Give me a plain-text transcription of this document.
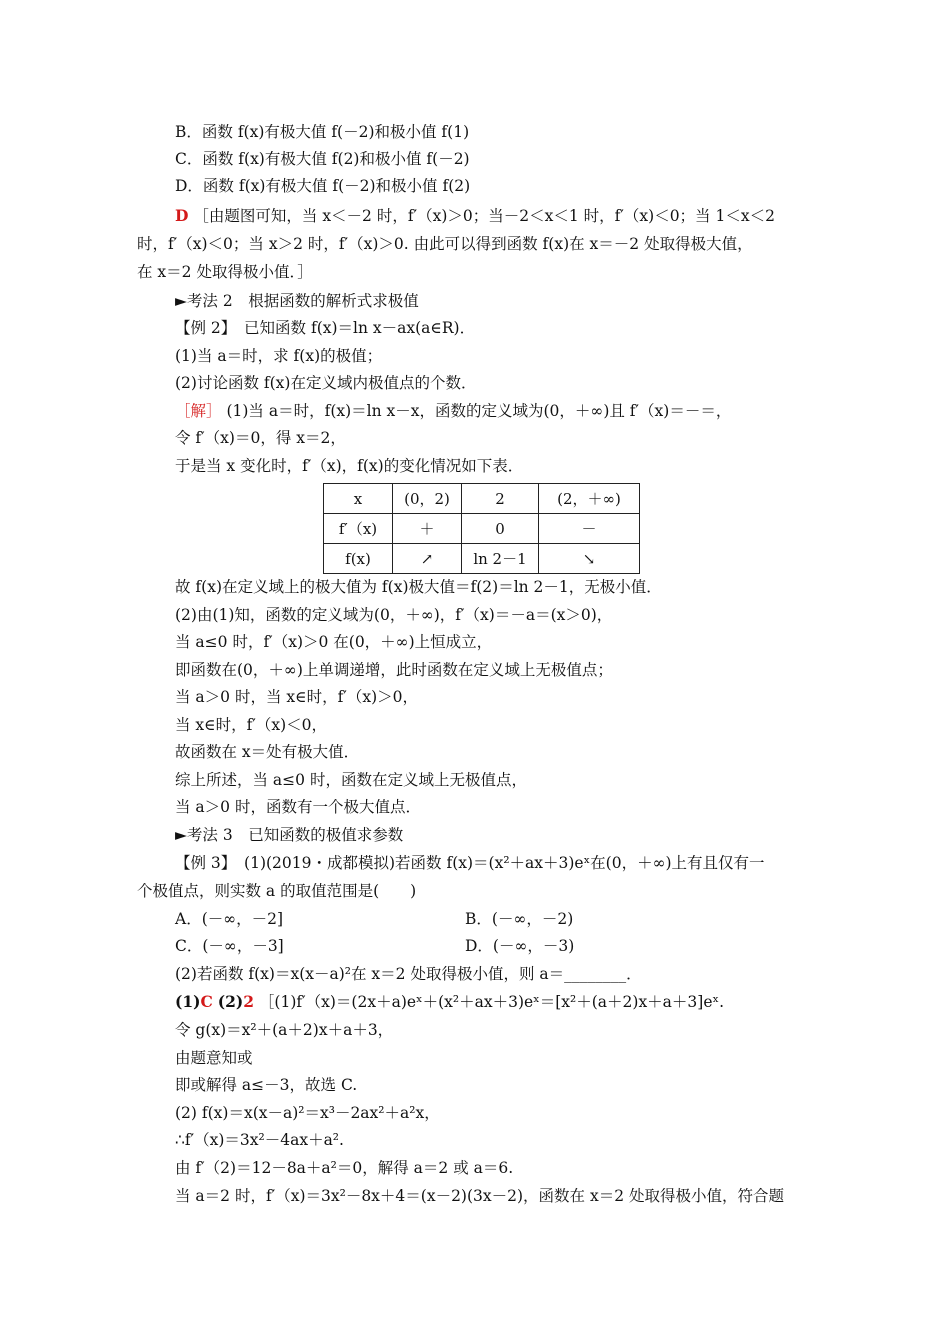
B．函数 f(x)有极大值 f(－2)和极小值 f(1)
C．函数 f(x)有极大值 f(2)和极小值 f(－2)
D．函数 f(x)有极大值 f(－2)和极小值 f(2)
D ［由题图可知，当 x＜－2 时，f′（x)＞0；当－2＜x＜1 时，f′（x)＜0；当 1＜x＜2
时，f′（x)＜0；当 x＞2 时，f′（x)＞0. 由此可以得到函数 f(x)在 x＝－2 处取得极大值，
在 x＝2 处取得极小值．］
►考法 2　根据函数的解析式求极值
【例 2】　已知函数 f(x)＝ln x－ax(a∈R)．
(1)当 a＝时，求 f(x)的极值；
(2)讨论函数 f(x)在定义域内极值点的个数．
［解］ (1)当 a＝时，f(x)＝ln x－x，函数的定义域为(0，＋∞)且 f′（x)＝－＝，
令 f′（x)＝0，得 x＝2，
于是当 x 变化时，f′（x)，f(x)的变化情况如下表．
x	(0，2)	2	(2，＋∞)
f′（x)	＋	0	－
f(x)	↗	ln 2－1	↘
故 f(x)在定义域上的极大值为 f(x)极大值＝f(2)＝ln 2－1，无极小值．
(2)由(1)知，函数的定义域为(0，＋∞)，f′（x)＝－a＝(x＞0)，
当 a≤0 时，f′（x)＞0 在(0，＋∞)上恒成立，
即函数在(0，＋∞)上单调递增，此时函数在定义域上无极值点；
当 a＞0 时，当 x∈时，f′（x)＞0，
当 x∈时，f′（x)＜0，
故函数在 x＝处有极大值．
综上所述，当 a≤0 时，函数在定义域上无极值点，
当 a＞0 时，函数有一个极大值点．
►考法 3　已知函数的极值求参数
【例 3】　(1)(2019・成都模拟)若函数 f(x)＝(x²＋ax＋3)eˣ在(0，＋∞)上有且仅有一
个极值点，则实数 a 的取值范围是(　　)
A．(－∞，－2]	B．(－∞，－2)
C．(－∞，－3]	D．(－∞，－3)
(2)若函数 f(x)＝x(x－a)²在 x＝2 处取得极小值，则 a＝________．
(1)C (2)2 ［(1)f′（x)＝(2x＋a)eˣ＋(x²＋ax＋3)eˣ＝[x²＋(a＋2)x＋a＋3]eˣ.
令 g(x)＝x²＋(a＋2)x＋a＋3，
由题意知或
即或解得 a≤－3，故选 C.
(2) f(x)＝x(x－a)²＝x³－2ax²＋a²x，
∴f′（x)＝3x²－4ax＋a².
由 f′（2)＝12－8a＋a²＝0，解得 a＝2 或 a＝6.
当 a＝2 时，f′（x)＝3x²－8x＋4＝(x－2)(3x－2)，函数在 x＝2 处取得极小值，符合题
